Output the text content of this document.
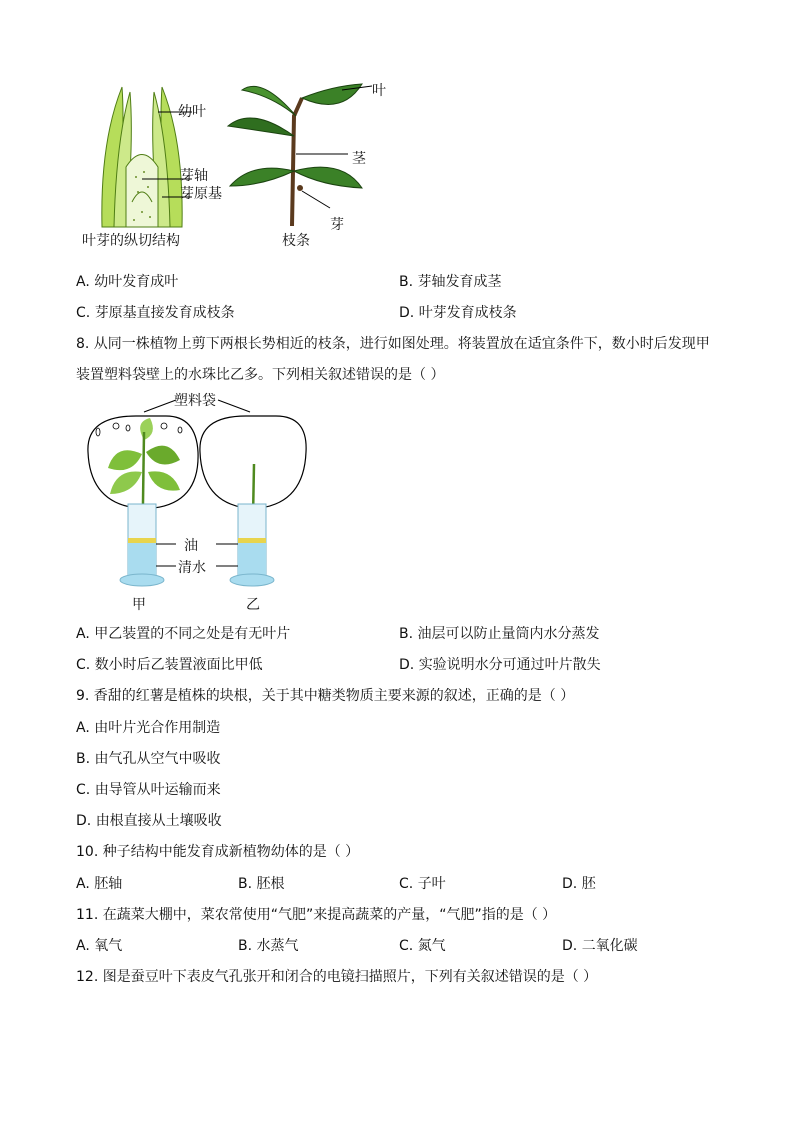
幼叶
芽轴
芽原基
叶芽的纵切结构
叶
茎
芽
枝条
A. 幼叶发育成叶	B. 芽轴发育成茎
C. 芽原基直接发育成枝条	D. 叶芽发育成枝条
8. 从同一株植物上剪下两根长势相近的枝条，进行如图处理。将装置放在适宜条件下，数小时后发现甲
装置塑料袋壁上的水珠比乙多。下列相关叙述错误的是（ ）
塑料袋
油
清水
甲	乙
A. 甲乙装置的不同之处是有无叶片	B. 油层可以防止量筒内水分蒸发
C. 数小时后乙装置液面比甲低	D. 实验说明水分可通过叶片散失
9. 香甜的红薯是植株的块根，关于其中糖类物质主要来源的叙述，正确的是（ ）
A. 由叶片光合作用制造
B. 由气孔从空气中吸收
C. 由导管从叶运输而来
D. 由根直接从土壤吸收
10. 种子结构中能发育成新植物幼体的是（ ）
A. 胚轴	B. 胚根	C. 子叶	D. 胚
11. 在蔬菜大棚中，菜农常使用“气肥”来提高蔬菜的产量，“气肥”指的是（ ）
A. 氧气	B. 水蒸气	C. 氮气	D. 二氧化碳
12. 图是蚕豆叶下表皮气孔张开和闭合的电镜扫描照片，下列有关叙述错误的是（ ）
